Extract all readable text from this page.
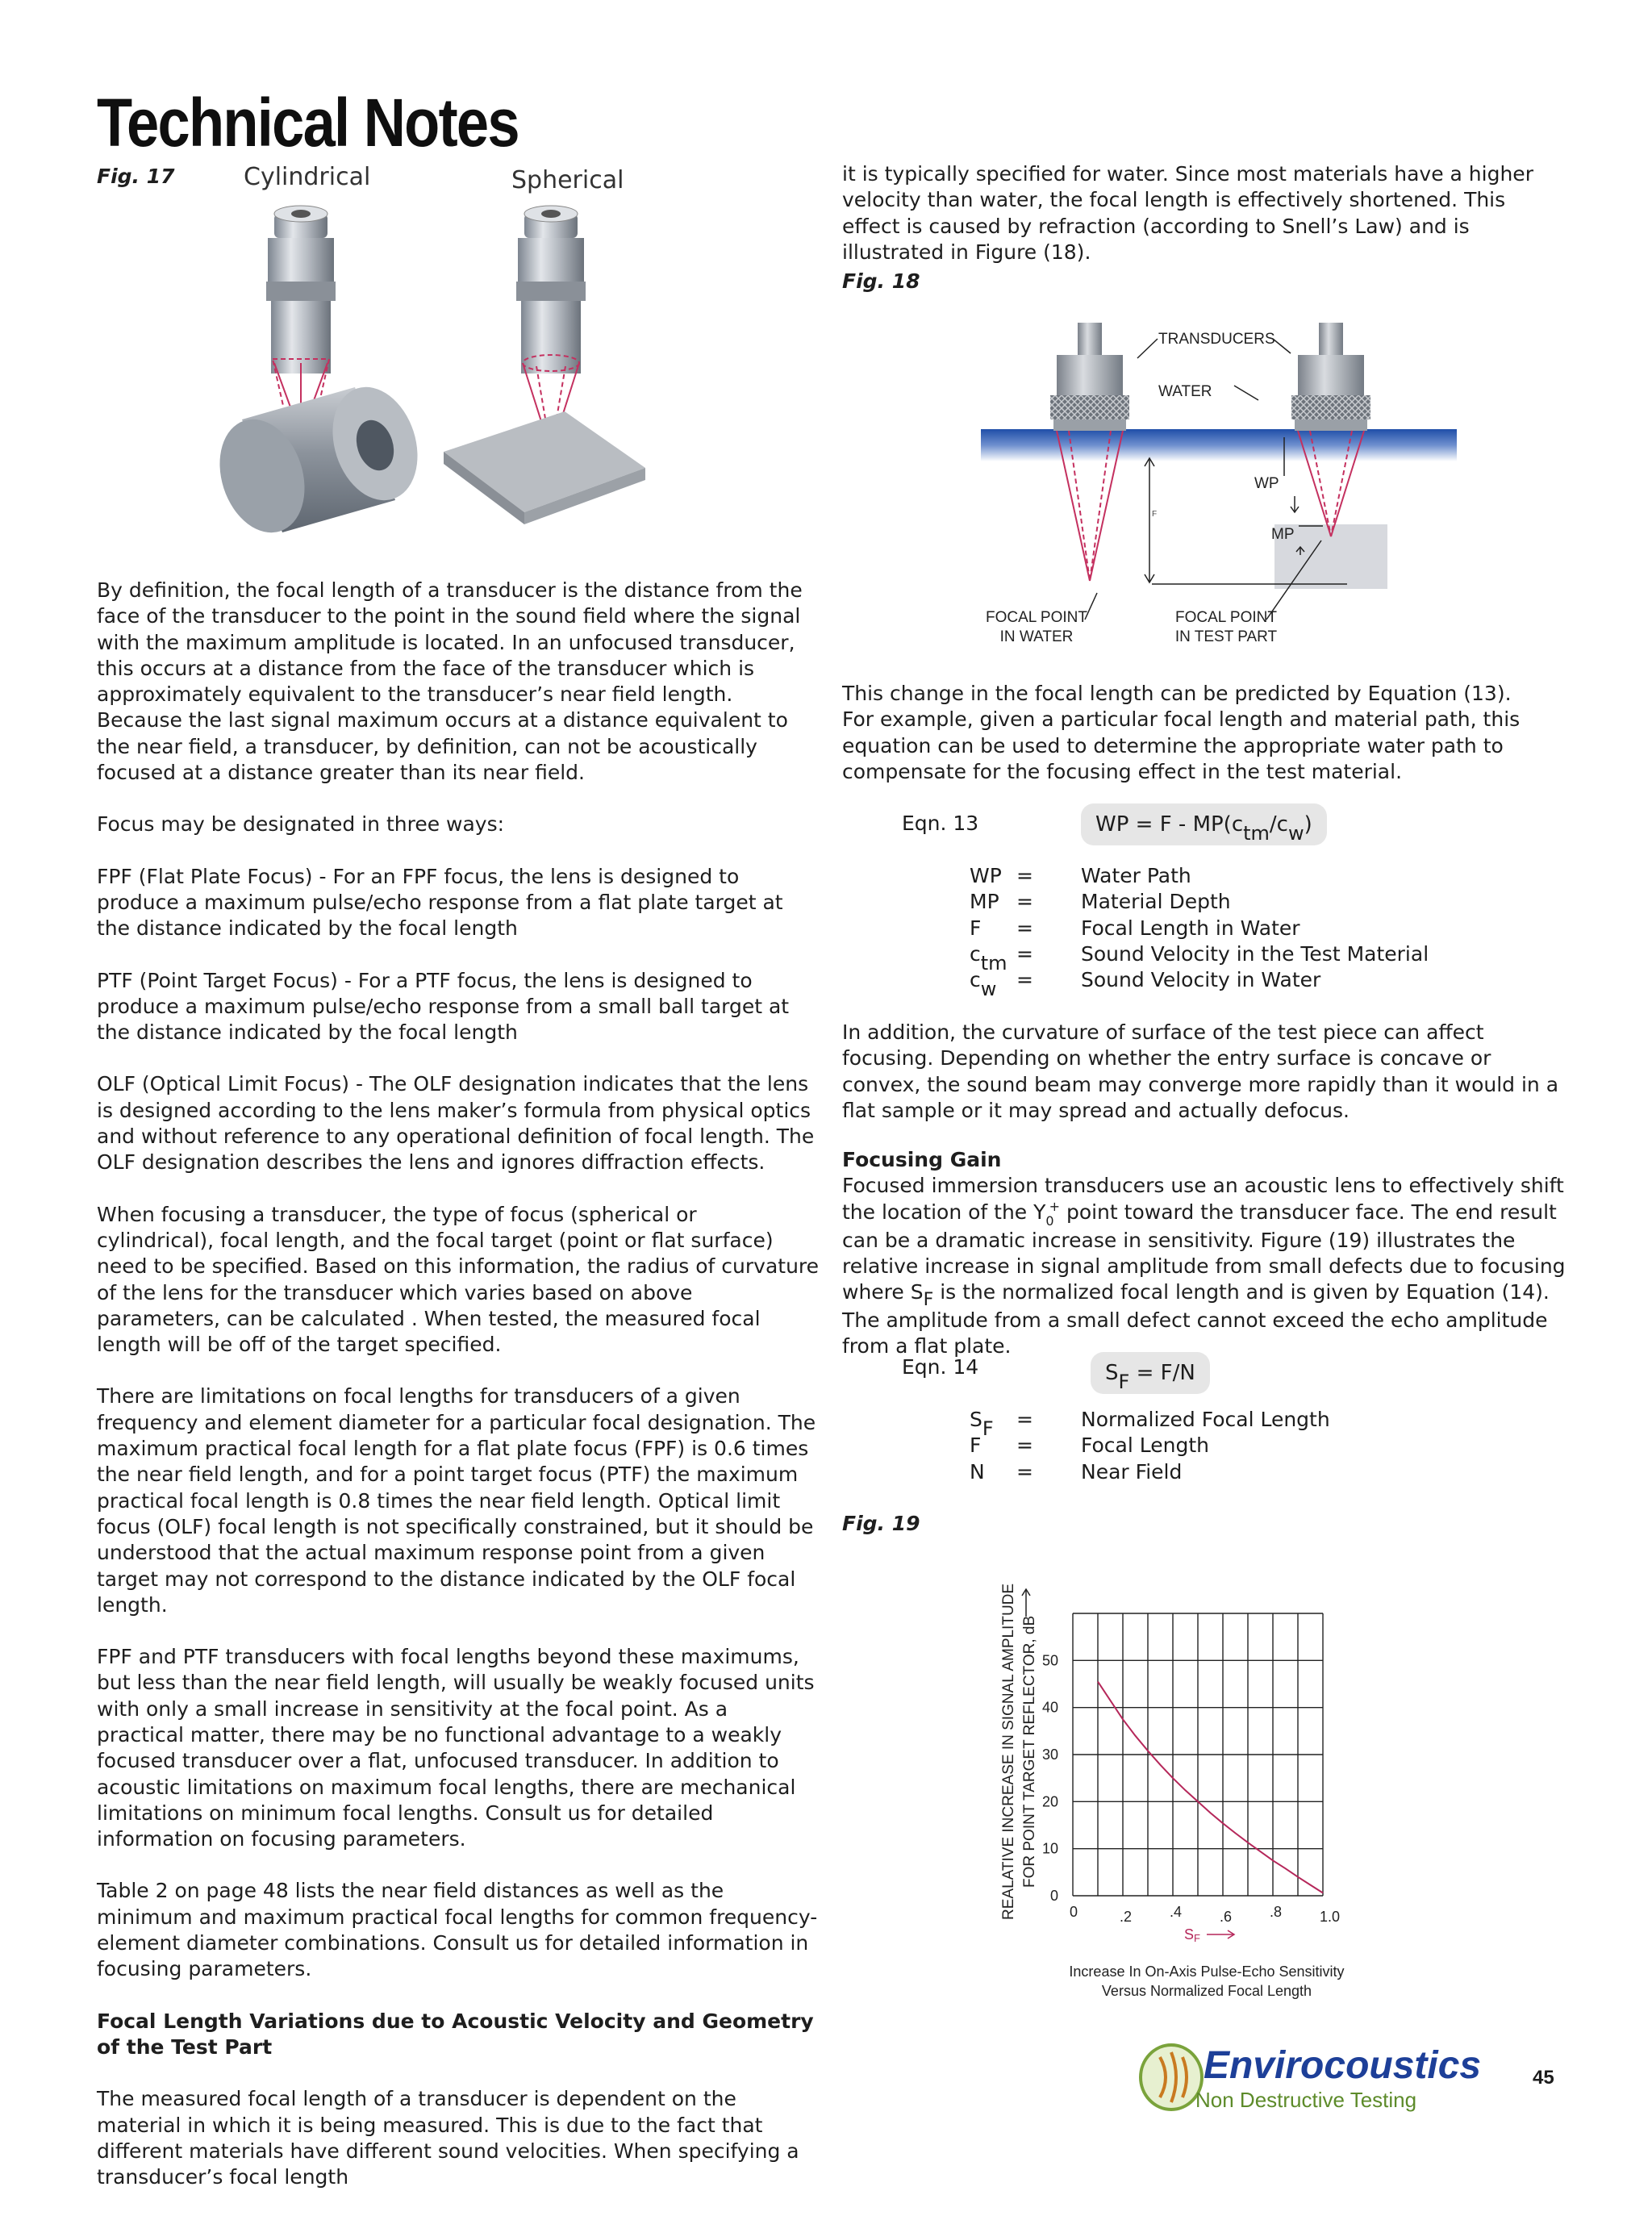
Technical Notes
Fig. 17	Cylindrical	Spherical

By definition, the focal length of a transducer is the distance from the face of the transducer to the point in the sound field where the signal with the maximum amplitude is located. In an unfocused transducer, this occurs at a distance from the face of the transducer which is approximately equivalent to the transducer’s near field length. Because the last signal maximum occurs at a distance equivalent to the near field, a transducer, by definition, can not be acoustically focused at a distance greater than its near field.

Focus may be designated in three ways:

FPF (Flat Plate Focus) - For an FPF focus, the lens is designed to produce a maximum pulse/echo response from a flat plate target at the distance indicated by the focal length

PTF (Point Target Focus) - For a PTF focus, the lens is designed to produce a maximum pulse/echo response from a small ball target at the distance indicated by the focal length

OLF (Optical Limit Focus) - The OLF designation indicates that the lens is designed according to the lens maker’s formula from physical optics and without reference to any operational definition of focal length. The OLF designation describes the lens and ignores diffraction effects.

When focusing a transducer, the type of focus (spherical or cylindrical), focal length, and the focal target (point or flat surface) need to be specified. Based on this information, the radius of curvature of the lens for the transducer which varies based on above parameters, can be calculated . When tested, the measured focal length will be off of the target specified.

There are limitations on focal lengths for transducers of a given frequency and element diameter for a particular focal designation. The maximum practical focal length for a flat plate focus (FPF) is 0.6 times the near field length, and for a point target focus (PTF) the maximum practical focal length is 0.8 times the near field length. Optical limit focus (OLF) focal length is not specifically constrained, but it should be understood that the actual maximum response point from a given target may not correspond to the distance indicated by the OLF focal length.

FPF and PTF transducers with focal lengths beyond these maximums, but less than the near field length, will usually be weakly focused units with only a small increase in sensitivity at the focal point. As a practical matter, there may be no functional advantage to a weakly focused transducer over a flat, unfocused transducer. In addition to acoustic limitations on maximum focal lengths, there are mechanical limitations on minimum focal lengths. Consult us for detailed information on focusing parameters.

Table 2 on page 48 lists the near field distances as well as the minimum and maximum practical focal lengths for common frequency-element diameter combinations. Consult us for detailed information in focusing parameters.

Focal Length Variations due to Acoustic Velocity and Geometry of the Test Part

The measured focal length of a transducer is dependent on the material in which it is being measured. This is due to the fact that different materials have different sound velocities. When specifying a transducer’s focal length

it is typically specified for water. Since most materials have a higher velocity than water, the focal length is effectively shortened. This effect is caused by refraction (according to Snell’s Law) and is illustrated in Figure (18).

Fig. 18
TRANSDUCERS
WATER
WP
MP
F
FOCAL POINT
IN WATER
FOCAL POINT
IN TEST PART

This change in the focal length can be predicted by Equation (13).

For example, given a particular focal length and material path, this equation can be used to determine the appropriate water path to compensate for the focusing effect in the test material.

Eqn. 13	WP = F - MP(ctm/cw)
WP =	Water Path
MP =	Material Depth
F	=	Focal Length in Water
ctm =	Sound Velocity in the Test Material
cw =	Sound Velocity in Water

In addition, the curvature of surface of the test piece can affect focusing. Depending on whether the entry surface is concave or convex, the sound beam may converge more rapidly than it would in a flat sample or it may spread and actually defocus.

Focusing Gain

Focused immersion transducers use an acoustic lens to effectively shift the location of the $Y_0^+$ point toward the transducer face. The end result can be a dramatic increase in sensitivity. Figure (19) illustrates the relative increase in signal amplitude from small defects due to focusing where SF is the normalized focal length and is given by Equation (14). The amplitude from a small defect cannot exceed the echo amplitude from a flat plate.

Eqn. 14	SF = F/N
SF	=	Normalized Focal Length
F	=	Focal Length
N	=	Near Field
Fig. 19
0
10
20
30
40
50
0	.2	.4	.6	.8	1.0
REALATIVE INCREASE IN SIGNAL AMPLITUDE FOR POINT TARGET REFLECTOR, dB
SF
Increase In On-Axis Pulse-Echo Sensitivity
Versus Normalized Focal Length
Envirocoustics
Non Destructive Testing
45
